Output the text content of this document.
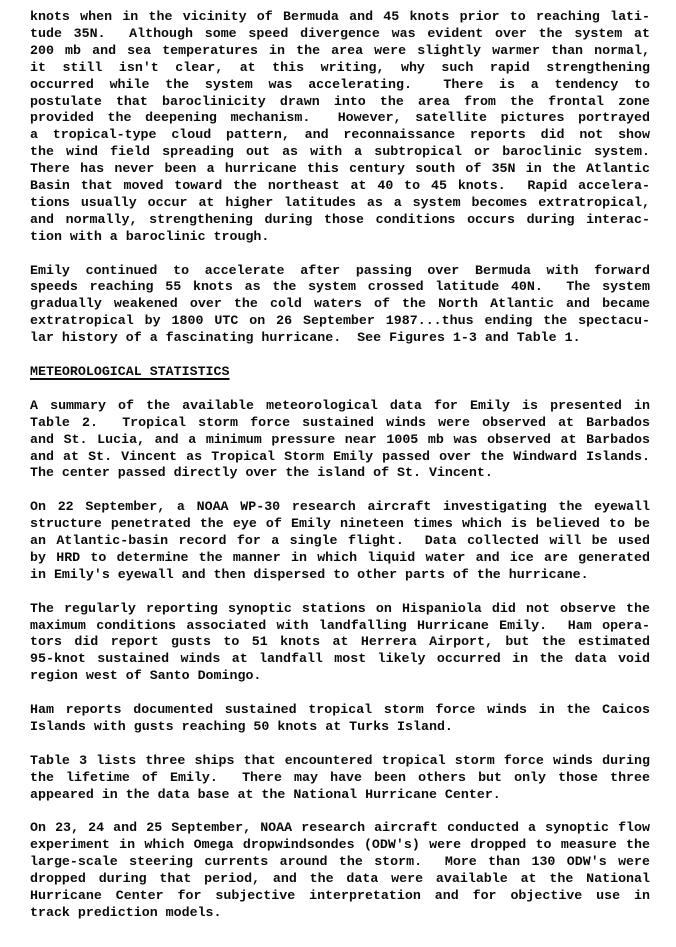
knots when in the vicinity of Bermuda and 45 knots prior to reaching lati-
tude 35N.  Although some speed divergence was evident over the system at
200 mb and sea temperatures in the area were slightly warmer than normal,
it still isn't clear, at this writing, why such rapid strengthening
occurred while the system was accelerating.  There is a tendency to
postulate that baroclinicity drawn into the area from the frontal zone
provided the deepening mechanism.  However, satellite pictures portrayed
a tropical-type cloud pattern, and reconnaissance reports did not show
the wind field spreading out as with a subtropical or baroclinic system.
There has never been a hurricane this century south of 35N in the Atlantic
Basin that moved toward the northeast at 40 to 45 knots.  Rapid accelera-
tions usually occur at higher latitudes as a system becomes extratropical,
and normally, strengthening during those conditions occurs during interac-
tion with a baroclinic trough.
Emily continued to accelerate after passing over Bermuda with forward
speeds reaching 55 knots as the system crossed latitude 40N.  The system
gradually weakened over the cold waters of the North Atlantic and became
extratropical by 1800 UTC on 26 September 1987...thus ending the spectacu-
lar history of a fascinating hurricane.  See Figures 1-3 and Table 1.
METEOROLOGICAL STATISTICS
A summary of the available meteorological data for Emily is presented in
Table 2.  Tropical storm force sustained winds were observed at Barbados
and St. Lucia, and a minimum pressure near 1005 mb was observed at Barbados
and at St. Vincent as Tropical Storm Emily passed over the Windward Islands.
The center passed directly over the island of St. Vincent.
On 22 September, a NOAA WP-30 research aircraft investigating the eyewall
structure penetrated the eye of Emily nineteen times which is believed to be
an Atlantic-basin record for a single flight.  Data collected will be used
by HRD to determine the manner in which liquid water and ice are generated
in Emily's eyewall and then dispersed to other parts of the hurricane.
The regularly reporting synoptic stations on Hispaniola did not observe the
maximum conditions associated with landfalling Hurricane Emily.  Ham opera-
tors did report gusts to 51 knots at Herrera Airport, but the estimated
95-knot sustained winds at landfall most likely occurred in the data void
region west of Santo Domingo.
Ham reports documented sustained tropical storm force winds in the Caicos
Islands with gusts reaching 50 knots at Turks Island.
Table 3 lists three ships that encountered tropical storm force winds during
the lifetime of Emily.  There may have been others but only those three
appeared in the data base at the National Hurricane Center.
On 23, 24 and 25 September, NOAA research aircraft conducted a synoptic flow
experiment in which Omega dropwindsondes (ODW's) were dropped to measure the
large-scale steering currents around the storm.  More than 130 ODW's were
dropped during that period, and the data were available at the National
Hurricane Center for subjective interpretation and for objective use in
track prediction models.
